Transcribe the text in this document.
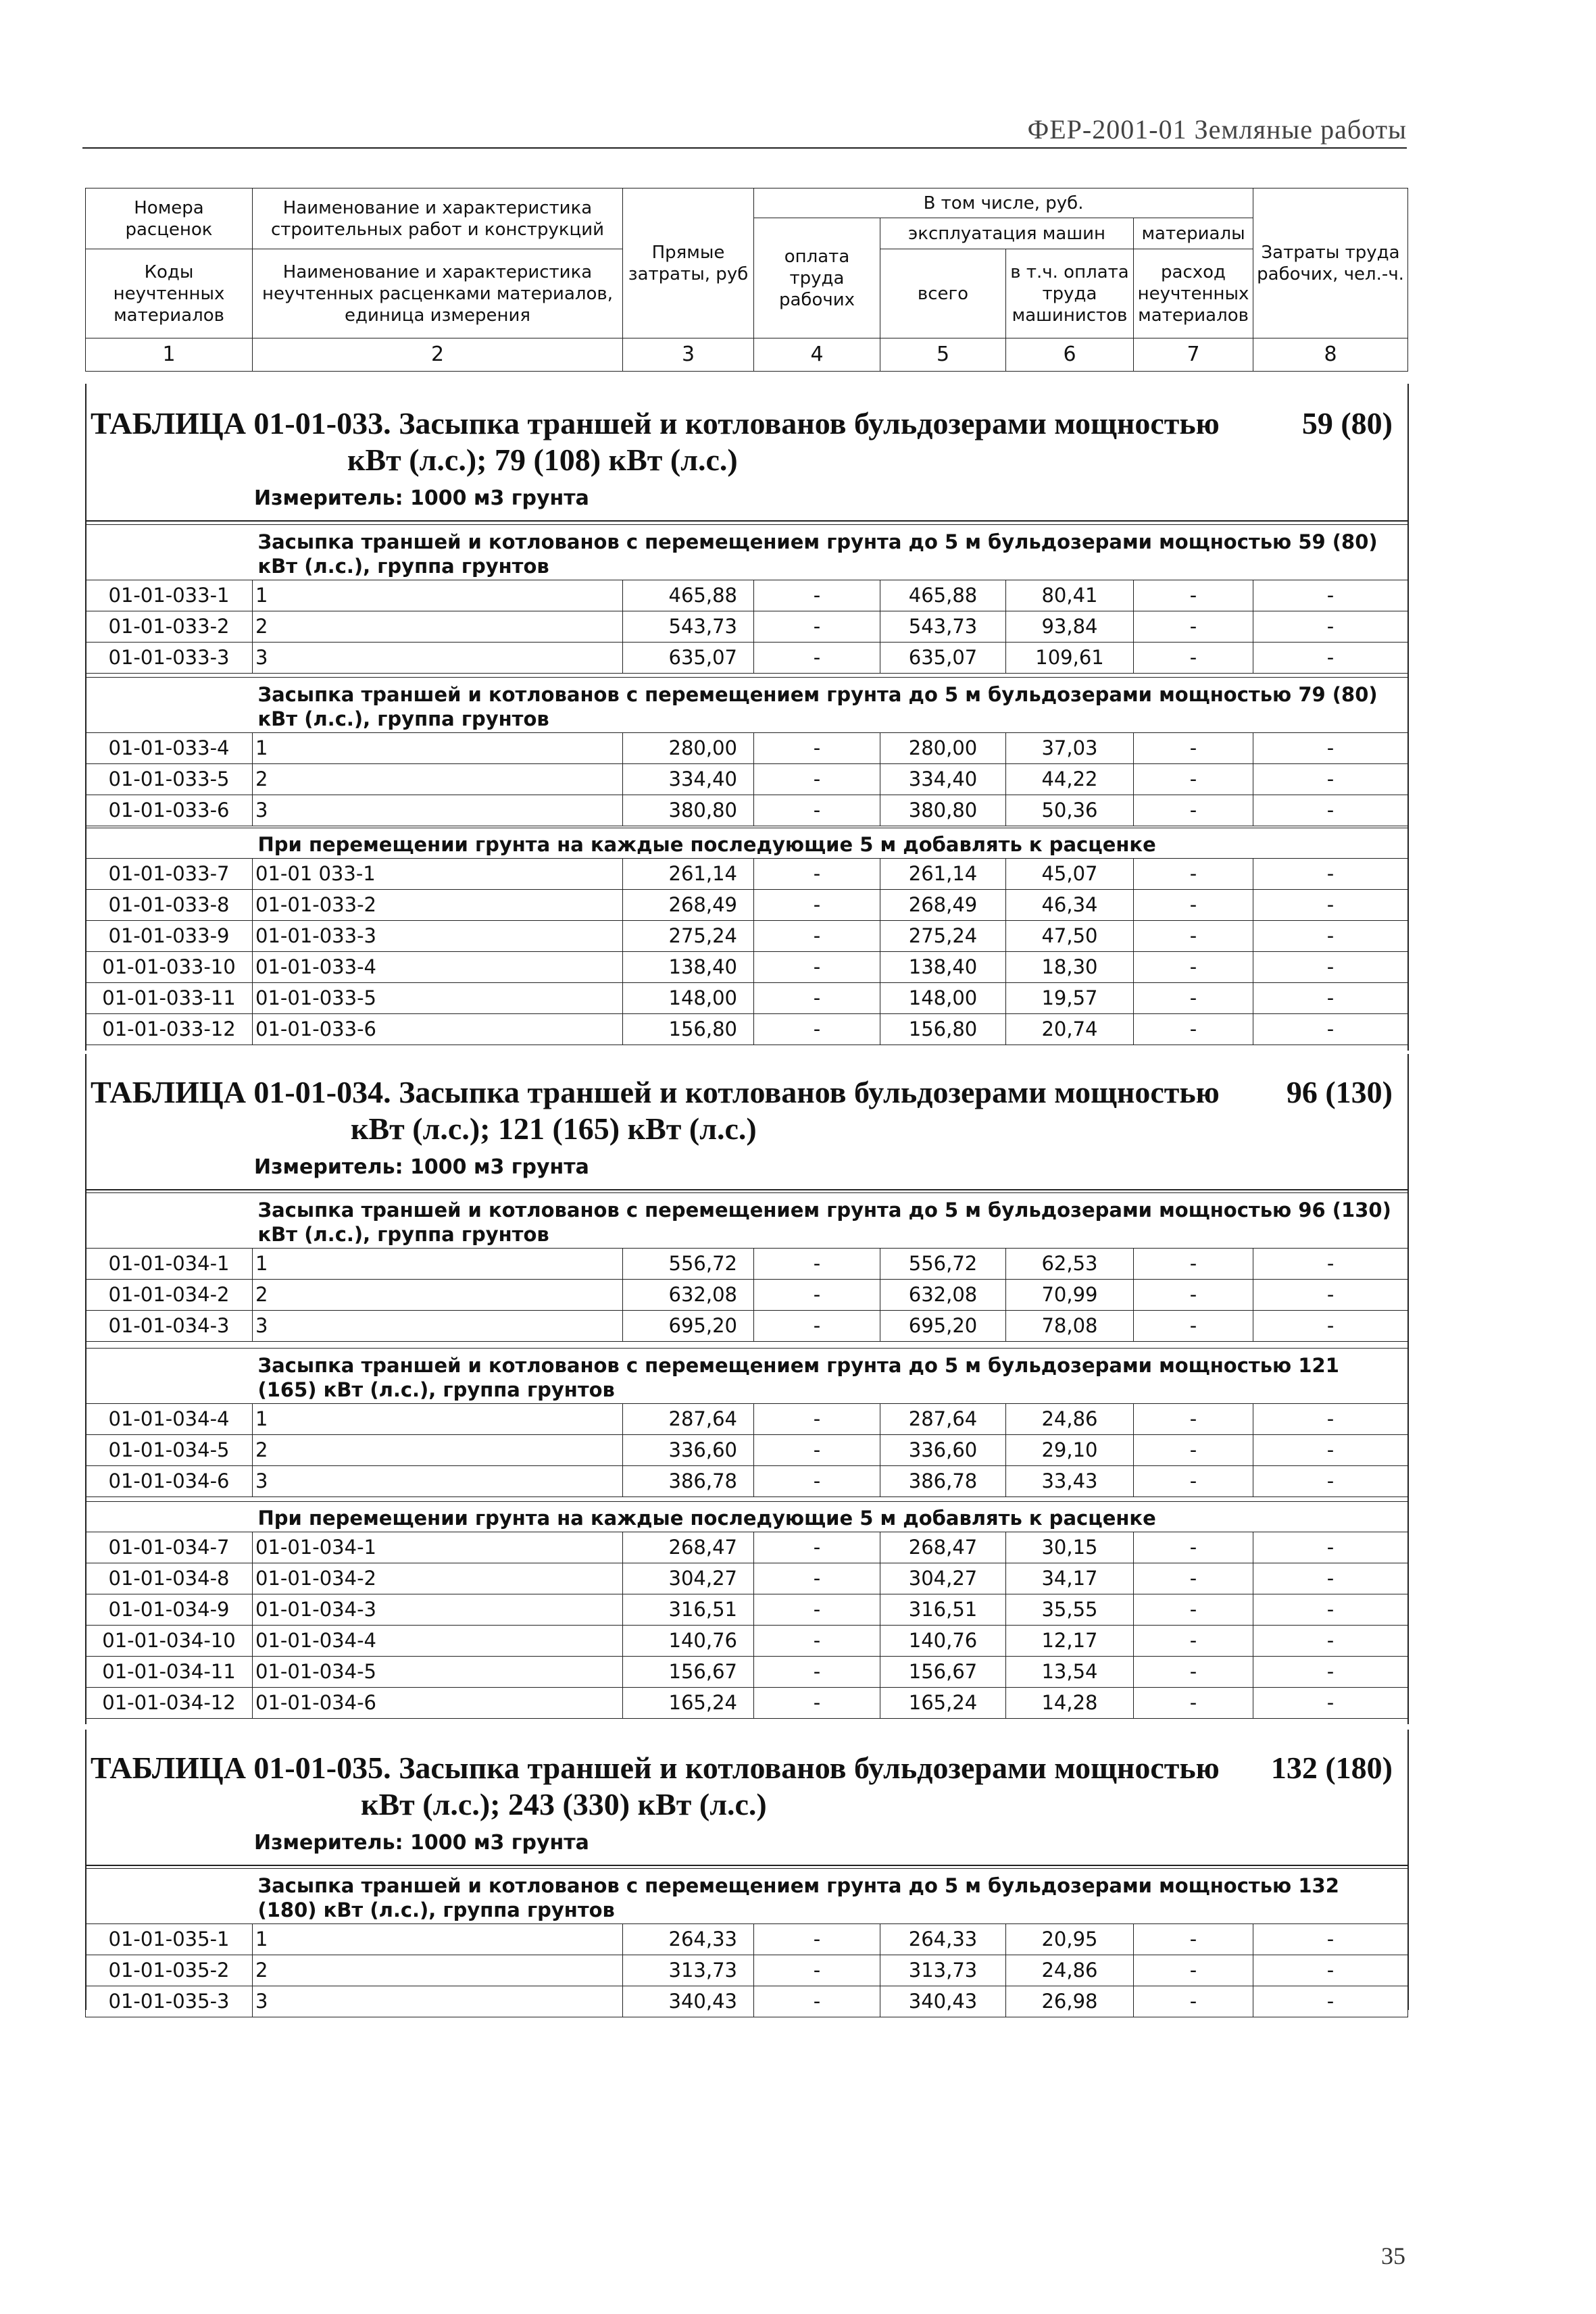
ФЕР-2001-01 Земляные работы
Номера расценок	Наименование и характеристика строительных работ и конструкций	Прямые затраты, руб	В том числе, руб.				Затраты труда рабочих, чел.-ч.
			оплата труда рабочих	эксплуатация машин		материалы	
Коды неучтенных материалов	Наименование и характеристика неучтенных расценками материалов, единица измерения			всего	в т.ч. оплата труда машинистов	расход неучтенных материалов	

1	2	3	4	5	6	7	8
ТАБЛИЦА 01-01-033. Засыпка траншей и котлованов бульдозерами мощностью
кВт (л.с.); 79 (108) кВт (л.с.)
59 (80)
Измеритель: 1000 м3 грунта
	Засыпка траншей и котлованов с перемещением грунта до 5 м бульдозерами мощностью 59 (80) кВт (л.с.), группа грунтов						
01-01-033-1	1	465,88	-	465,88	80,41	-	-
01-01-033-2	2	543,73	-	543,73	93,84	-	-
01-01-033-3	3	635,07	-	635,07	109,61	-	-
	Засыпка траншей и котлованов с перемещением грунта до 5 м бульдозерами мощностью 79 (80) кВт (л.с.), группа грунтов						
01-01-033-4	1	280,00	-	280,00	37,03	-	-
01-01-033-5	2	334,40	-	334,40	44,22	-	-
01-01-033-6	3	380,80	-	380,80	50,36	-	-
	При перемещении грунта на каждые последующие 5 м добавлять к расценке						
01-01-033-7	01-01 033-1	261,14	-	261,14	45,07	-	-
01-01-033-8	01-01-033-2	268,49	-	268,49	46,34	-	-
01-01-033-9	01-01-033-3	275,24	-	275,24	47,50	-	-
01-01-033-10	01-01-033-4	138,40	-	138,40	18,30	-	-
01-01-033-11	01-01-033-5	148,00	-	148,00	19,57	-	-
01-01-033-12	01-01-033-6	156,80	-	156,80	20,74	-	-
ТАБЛИЦА 01-01-034. Засыпка траншей и котлованов бульдозерами мощностью
кВт (л.с.); 121 (165) кВт (л.с.)
96 (130)
Измеритель: 1000 м3 грунта
	Засыпка траншей и котлованов с перемещением грунта до 5 м бульдозерами мощностью 96 (130) кВт (л.с.), группа грунтов						
01-01-034-1	1	556,72	-	556,72	62,53	-	-
01-01-034-2	2	632,08	-	632,08	70,99	-	-
01-01-034-3	3	695,20	-	695,20	78,08	-	-
	Засыпка траншей и котлованов с перемещением грунта до 5 м бульдозерами мощностью 121 (165) кВт (л.с.), группа грунтов						
01-01-034-4	1	287,64	-	287,64	24,86	-	-
01-01-034-5	2	336,60	-	336,60	29,10	-	-
01-01-034-6	3	386,78	-	386,78	33,43	-	-
	При перемещении грунта на каждые последующие 5 м добавлять к расценке						
01-01-034-7	01-01-034-1	268,47	-	268,47	30,15	-	-
01-01-034-8	01-01-034-2	304,27	-	304,27	34,17	-	-
01-01-034-9	01-01-034-3	316,51	-	316,51	35,55	-	-
01-01-034-10	01-01-034-4	140,76	-	140,76	12,17	-	-
01-01-034-11	01-01-034-5	156,67	-	156,67	13,54	-	-
01-01-034-12	01-01-034-6	165,24	-	165,24	14,28	-	-
ТАБЛИЦА 01-01-035. Засыпка траншей и котлованов бульдозерами мощностью
кВт (л.с.); 243 (330) кВт (л.с.)
132 (180)
Измеритель: 1000 м3 грунта
	Засыпка траншей и котлованов с перемещением грунта до 5 м бульдозерами мощностью 132 (180) кВт (л.с.), группа грунтов						
01-01-035-1	1	264,33	-	264,33	20,95	-	-
01-01-035-2	2	313,73	-	313,73	24,86	-	-
01-01-035-3	3	340,43	-	340,43	26,98	-	-
35
